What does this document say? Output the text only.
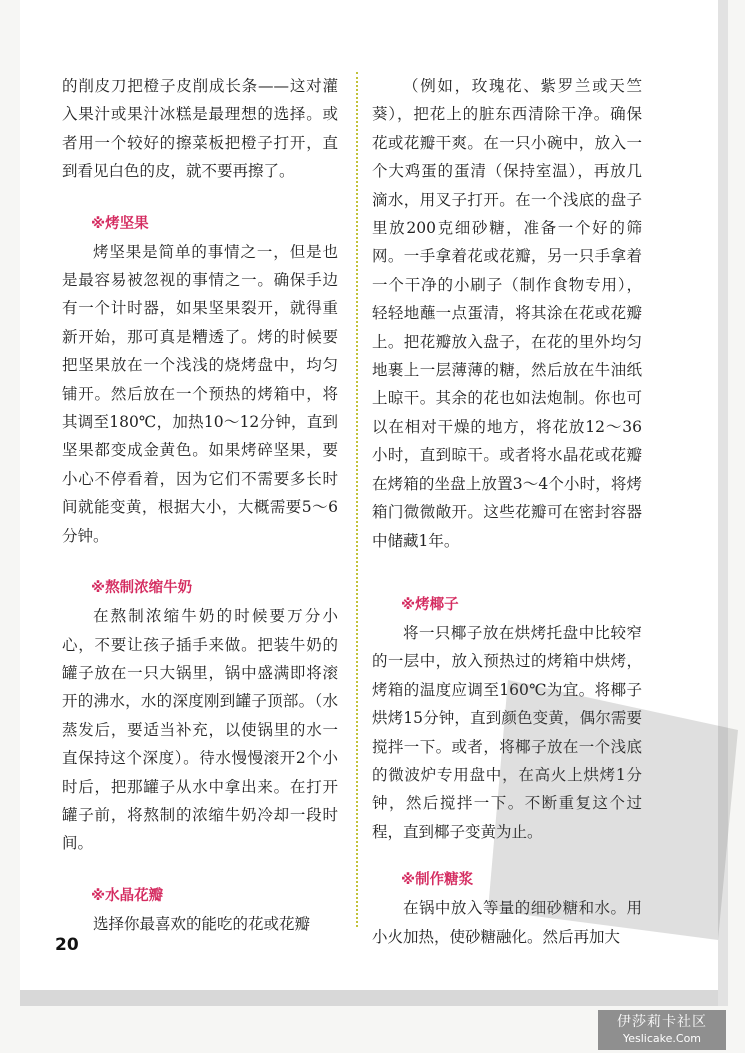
的削皮刀把橙子皮削成长条——这对灌入果汁或果汁冰糕是最理想的选择。或者用一个较好的擦菜板把橙子打开，直到看见白色的皮，就不要再擦了。

※烤坚果

烤坚果是简单的事情之一，但是也是最容易被忽视的事情之一。确保手边有一个计时器，如果坚果裂开，就得重新开始，那可真是糟透了。烤的时候要把坚果放在一个浅浅的烧烤盘中，均匀铺开。然后放在一个预热的烤箱中，将其调至180℃，加热10～12分钟，直到坚果都变成金黄色。如果烤碎坚果，要小心不停看着，因为它们不需要多长时间就能变黄，根据大小，大概需要5～6分钟。

※熬制浓缩牛奶

在熬制浓缩牛奶的时候要万分小心，不要让孩子插手来做。把装牛奶的罐子放在一只大锅里，锅中盛满即将滚开的沸水，水的深度刚到罐子顶部。（水蒸发后，要适当补充，以使锅里的水一直保持这个深度）。待水慢慢滚开2个小时后，把那罐子从水中拿出来。在打开罐子前，将熬制的浓缩牛奶冷却一段时间。

※水晶花瓣

选择你最喜欢的能吃的花或花瓣

（例如，玫瑰花、紫罗兰或天竺葵），把花上的脏东西清除干净。确保花或花瓣干爽。在一只小碗中，放入一个大鸡蛋的蛋清（保持室温），再放几滴水，用叉子打开。在一个浅底的盘子里放200克细砂糖，准备一个好的筛网。一手拿着花或花瓣，另一只手拿着一个干净的小刷子（制作食物专用），轻轻地蘸一点蛋清，将其涂在花或花瓣上。把花瓣放入盘子，在花的里外均匀地裹上一层薄薄的糖，然后放在牛油纸上晾干。其余的花也如法炮制。你也可以在相对干燥的地方，将花放12～36小时，直到晾干。或者将水晶花或花瓣在烤箱的坐盘上放置3～4个小时，将烤箱门微微敞开。这些花瓣可在密封容器中储藏1年。

※烤椰子

将一只椰子放在烘烤托盘中比较窄的一层中，放入预热过的烤箱中烘烤，烤箱的温度应调至160℃为宜。将椰子烘烤15分钟，直到颜色变黄，偶尔需要搅拌一下。或者，将椰子放在一个浅底的微波炉专用盘中，在高火上烘烤1分钟，然后搅拌一下。不断重复这个过程，直到椰子变黄为止。

※制作糖浆

在锅中放入等量的细砂糖和水。用小火加热，使砂糖融化。然后再加大

20
伊莎莉卡社区
Yeslicake.Com
